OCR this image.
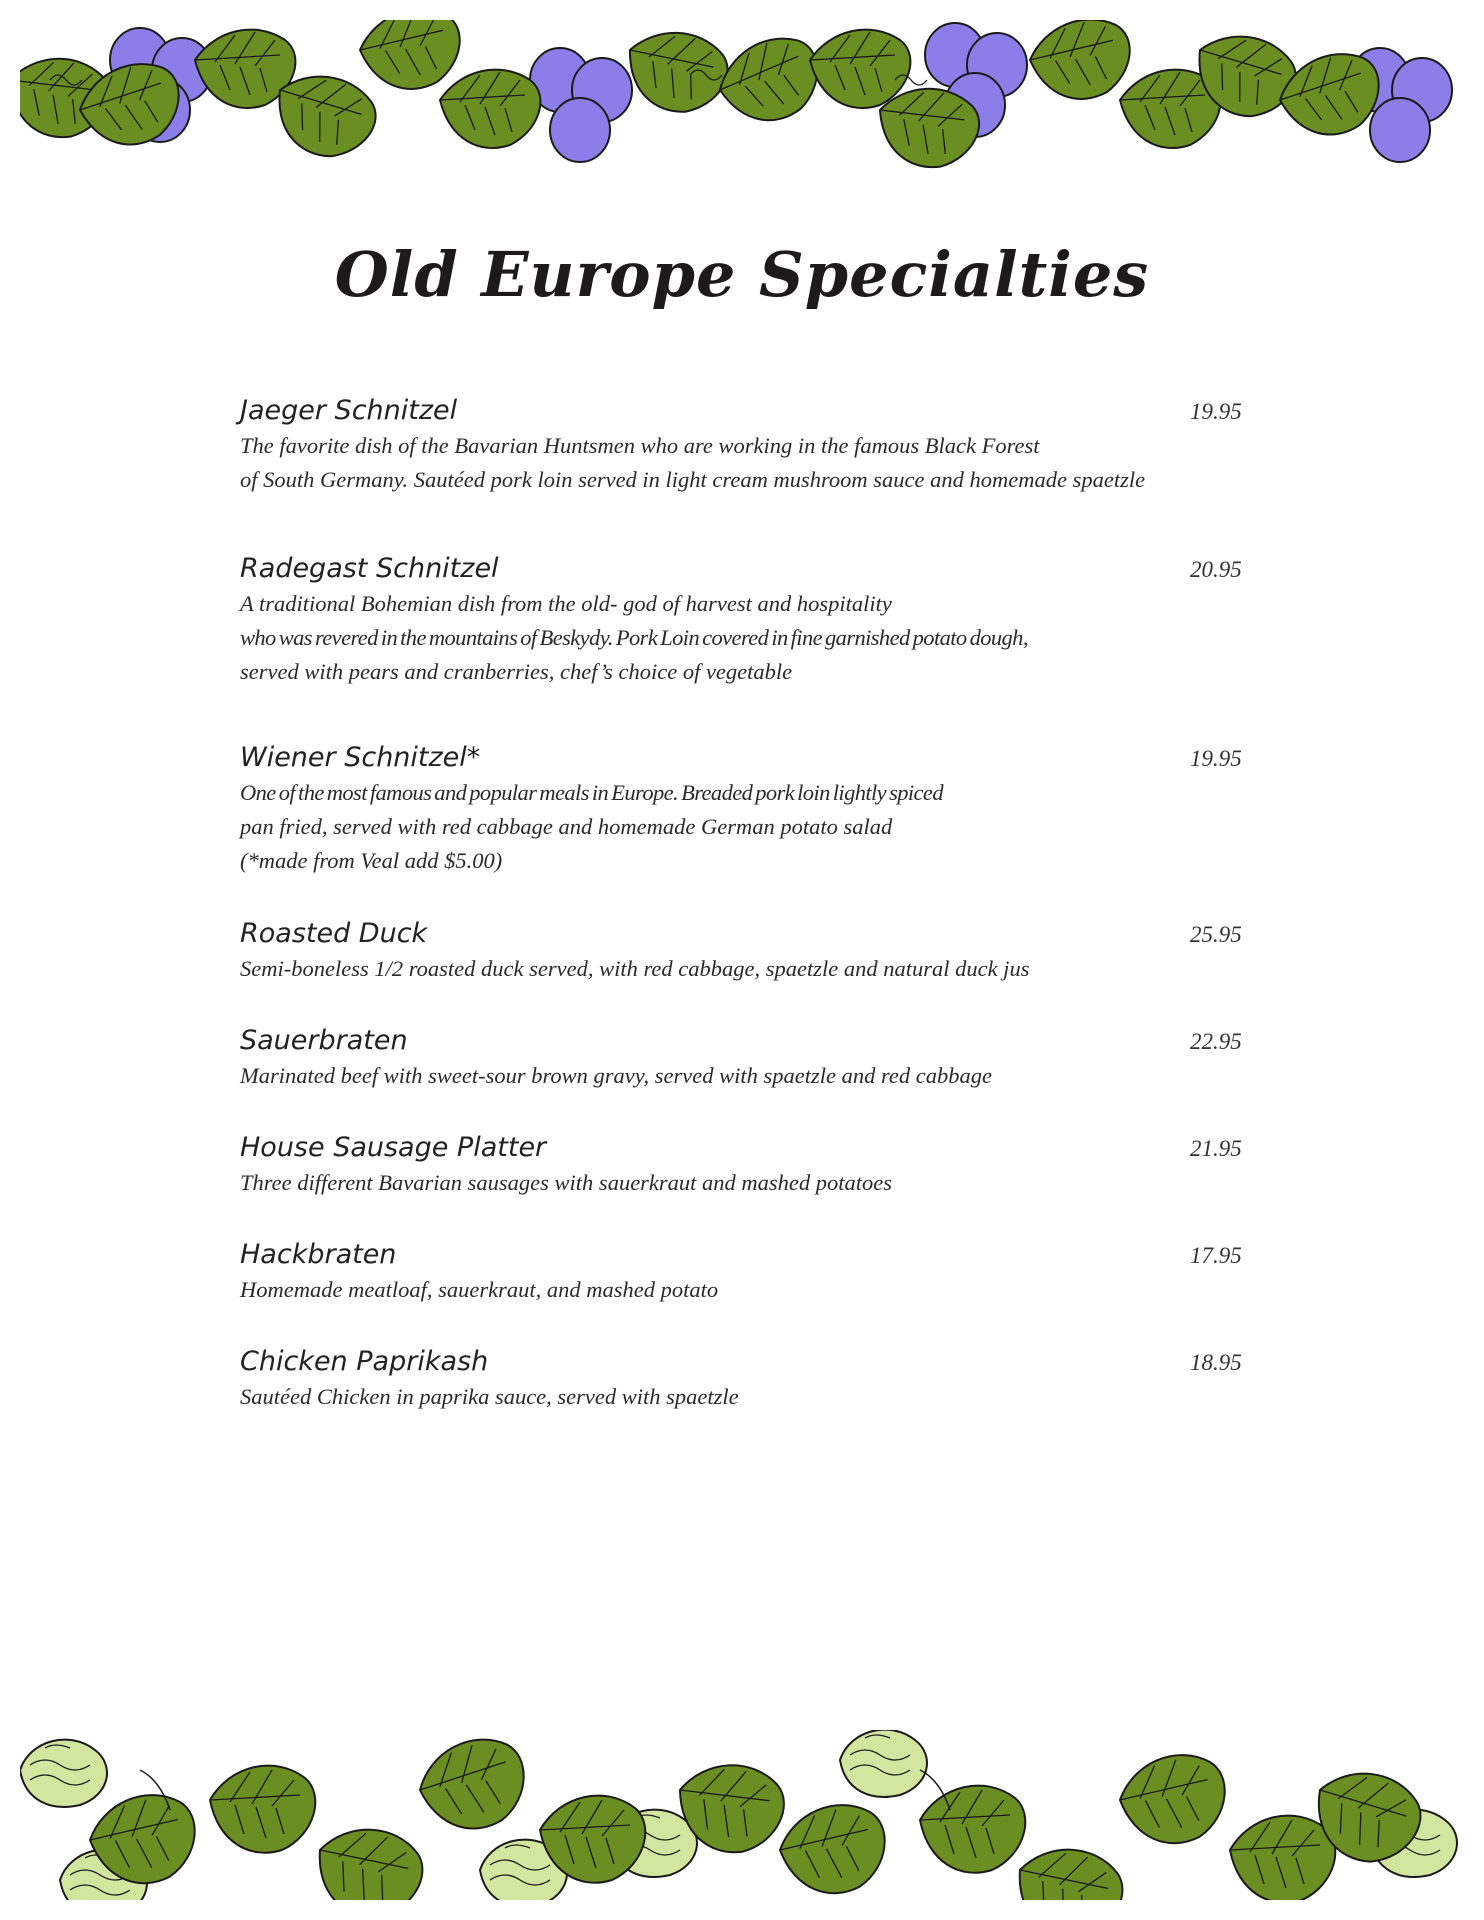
Old Europe Specialties
Jaeger Schnitzel	19.95

The favorite dish of the Bavarian Huntsmen who are working in the famous Black Forest
of South Germany. Sautéed pork loin served in light cream mushroom sauce and homemade spaetzle

Radegast Schnitzel	20.95

A traditional Bohemian dish from the old- god of harvest and hospitality
who was revered in the mountains of Beskydy. Pork Loin covered in fine garnished potato dough,
served with pears and cranberries, chef’s choice of vegetable

Wiener Schnitzel*	19.95

One of the most famous and popular meals in Europe. Breaded pork loin lightly spiced
pan fried, served with red cabbage and homemade German potato salad
(*made from Veal add $5.00)

Roasted Duck	25.95

Semi-boneless 1/2 roasted duck served, with red cabbage, spaetzle and natural duck jus

Sauerbraten	22.95

Marinated beef with sweet-sour brown gravy, served with spaetzle and red cabbage

House Sausage Platter	21.95

Three different Bavarian sausages with sauerkraut and mashed potatoes

Hackbraten	17.95

Homemade meatloaf, sauerkraut, and mashed potato

Chicken Paprikash	18.95

Sautéed Chicken in paprika sauce, served with spaetzle
